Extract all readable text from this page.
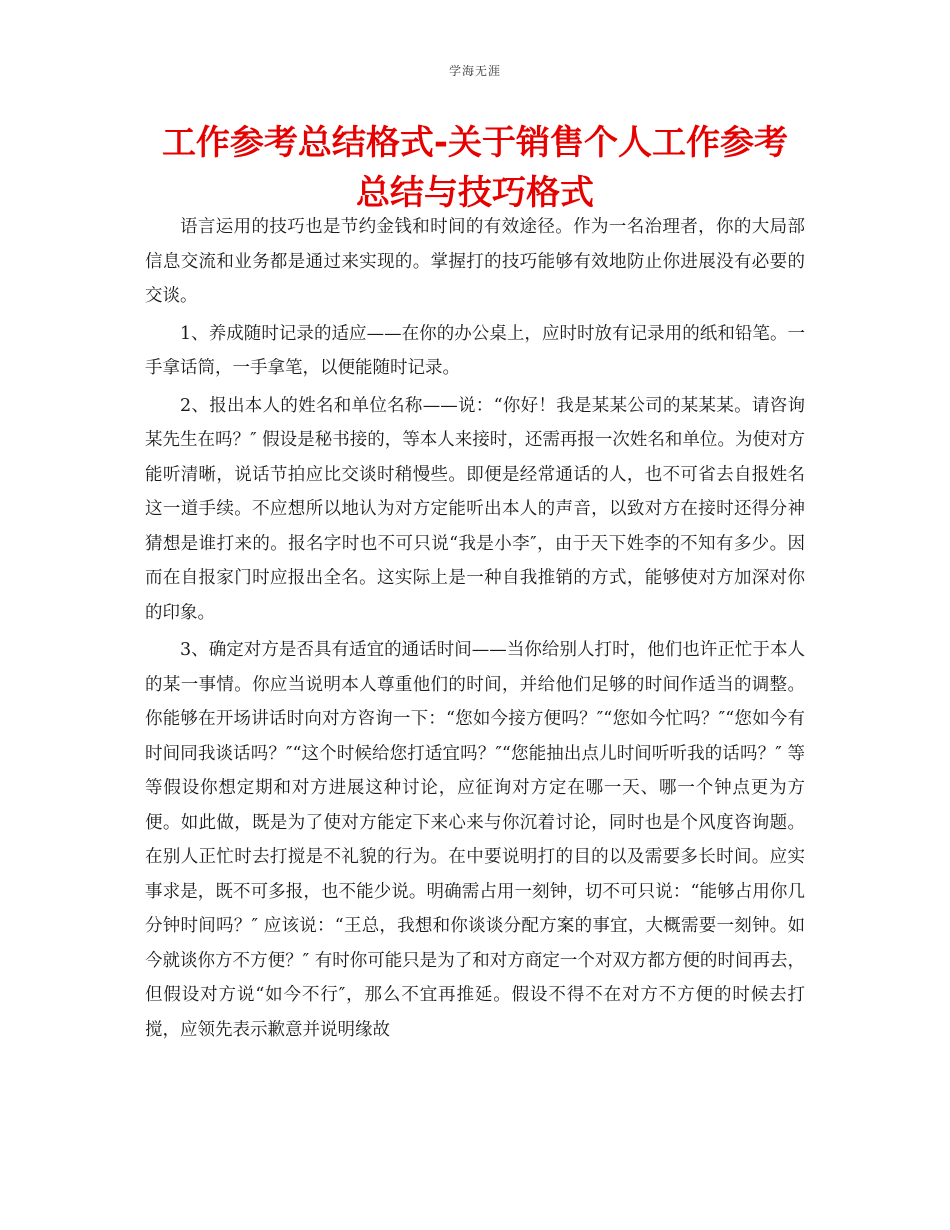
学海无涯
工作参考总结格式-关于销售个人工作参考总结与技巧格式

语言运用的技巧也是节约金钱和时间的有效途径。作为一名治理者，你的大局部信息交流和业务都是通过来实现的。掌握打的技巧能够有效地防止你进展没有必要的交谈。

1、养成随时记录的适应——在你的办公桌上，应时时放有记录用的纸和铅笔。一手拿话筒，一手拿笔，以便能随时记录。

2、报出本人的姓名和单位名称——说：“你好！我是某某公司的某某某。请咨询某先生在吗？″ 假设是秘书接的，等本人来接时，还需再报一次姓名和单位。为使对方能听清晰，说话节拍应比交谈时稍慢些。即便是经常通话的人，也不可省去自报姓名这一道手续。不应想所以地认为对方定能听出本人的声音，以致对方在接时还得分神猜想是谁打来的。报名字时也不可只说“我是小李″，由于天下姓李的不知有多少。因而在自报家门时应报出全名。这实际上是一种自我推销的方式，能够使对方加深对你的印象。

3、确定对方是否具有适宜的通话时间——当你给别人打时，他们也许正忙于本人的某一事情。你应当说明本人尊重他们的时间，并给他们足够的时间作适当的调整。你能够在开场讲话时向对方咨询一下：“您如今接方便吗？″“您如今忙吗？″“您如今有时间同我谈话吗？″“这个时候给您打适宜吗？″“您能抽出点儿时间听听我的话吗？″ 等等假设你想定期和对方进展这种讨论，应征询对方定在哪一天、哪一个钟点更为方便。如此做，既是为了使对方能定下来心来与你沉着讨论，同时也是个风度咨询题。在别人正忙时去打搅是不礼貌的行为。在中要说明打的目的以及需要多长时间。应实事求是，既不可多报，也不能少说。明确需占用一刻钟，切不可只说：“能够占用你几分钟时间吗？″ 应该说：“王总，我想和你谈谈分配方案的事宜，大概需要一刻钟。如今就谈你方不方便？″ 有时你可能只是为了和对方商定一个对双方都方便的时间再去，但假设对方说“如今不行″，那么不宜再推延。假设不得不在对方不方便的时候去打搅，应领先表示歉意并说明缘故
